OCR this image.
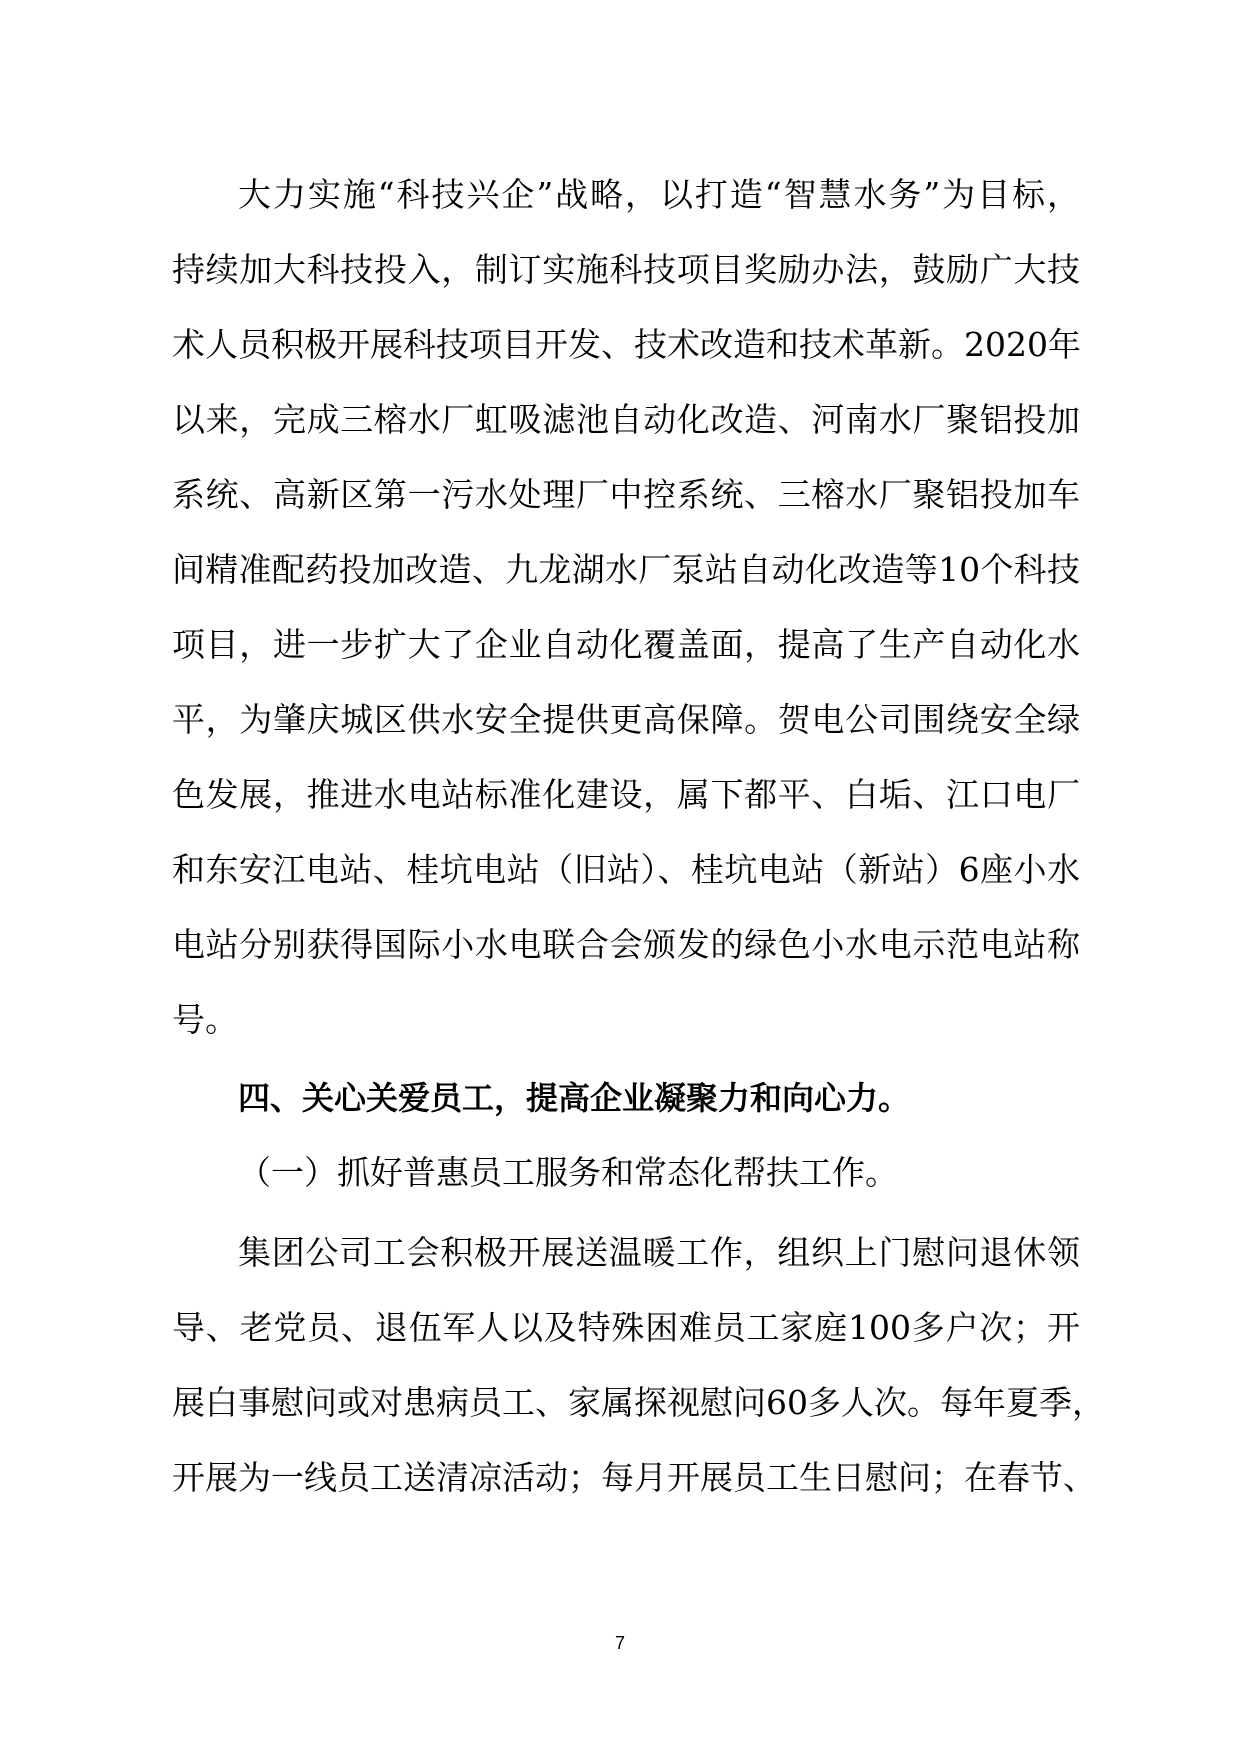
大力实施“科技兴企”战略，以打造“智慧水务”为目标，
持续加大科技投入，制订实施科技项目奖励办法，鼓励广大技
术人员积极开展科技项目开发、技术改造和技术革新。2020年
以来，完成三榕水厂虹吸滤池自动化改造、河南水厂聚铝投加
系统、高新区第一污水处理厂中控系统、三榕水厂聚铝投加车
间精准配药投加改造、九龙湖水厂泵站自动化改造等10个科技
项目，进一步扩大了企业自动化覆盖面，提高了生产自动化水
平，为肇庆城区供水安全提供更高保障。贺电公司围绕安全绿
色发展，推进水电站标准化建设，属下都平、白垢、江口电厂
和东安江电站、桂坑电站（旧站）、桂坑电站（新站）6座小水
电站分别获得国际小水电联合会颁发的绿色小水电示范电站称
号。
四、关心关爱员工，提高企业凝聚力和向心力。
（一）抓好普惠员工服务和常态化帮扶工作。
集团公司工会积极开展送温暖工作，组织上门慰问退休领
导、老党员、退伍军人以及特殊困难员工家庭100多户次；开
展白事慰问或对患病员工、家属探视慰问60多人次。每年夏季，
开展为一线员工送清凉活动；每月开展员工生日慰问；在春节、
7
